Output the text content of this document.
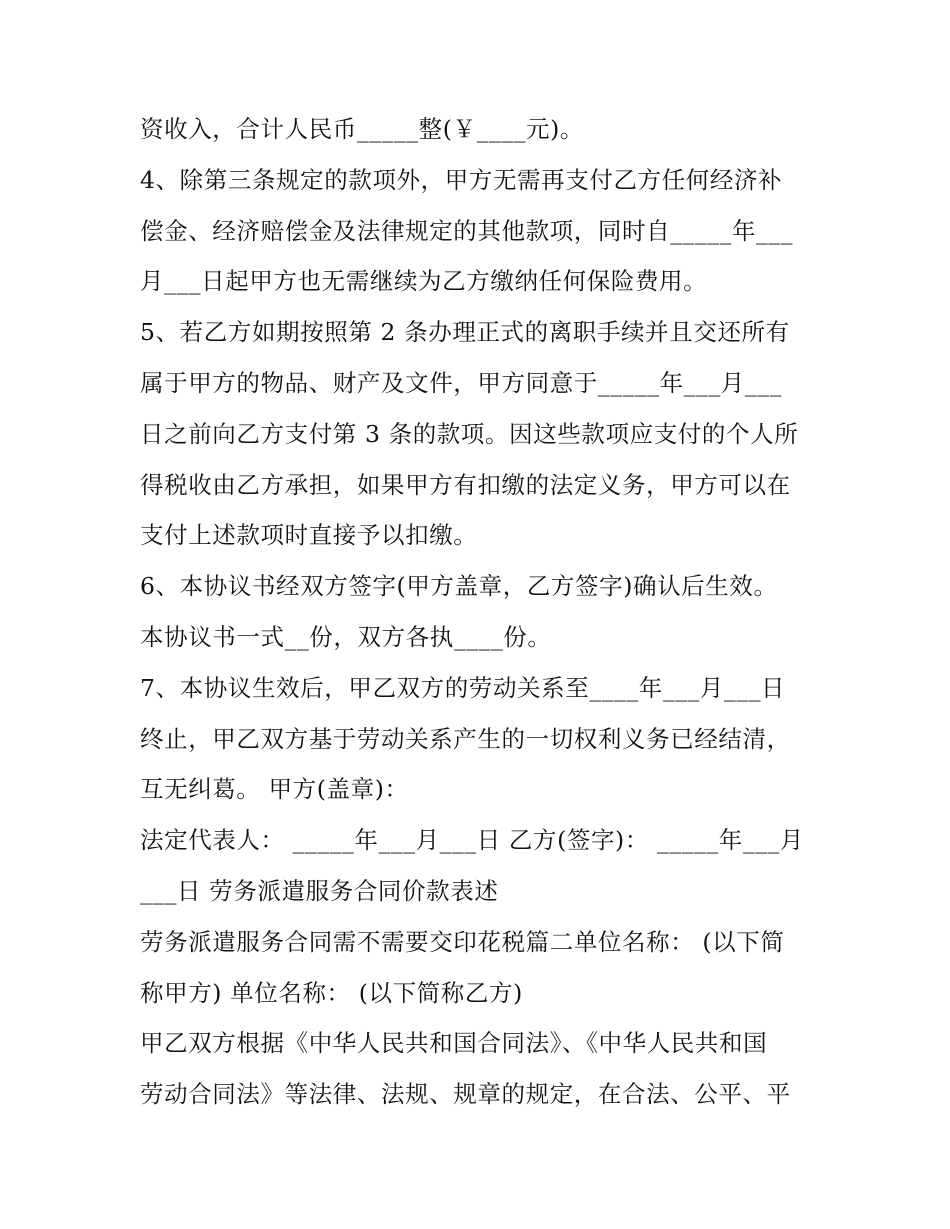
资收入，合计人民币_____整(￥____元)。

4、除第三条规定的款项外，甲方无需再支付乙方任何经济补

偿金、经济赔偿金及法律规定的其他款项，同时自_____年___

月___日起甲方也无需继续为乙方缴纳任何保险费用。

5、若乙方如期按照第 2 条办理正式的离职手续并且交还所有

属于甲方的物品、财产及文件，甲方同意于_____年___月___

日之前向乙方支付第 3 条的款项。因这些款项应支付的个人所

得税收由乙方承担，如果甲方有扣缴的法定义务，甲方可以在

支付上述款项时直接予以扣缴。

6、本协议书经双方签字(甲方盖章，乙方签字)确认后生效。

本协议书一式__份，双方各执____份。

7、本协议生效后，甲乙双方的劳动关系至____年___月___日

终止，甲乙双方基于劳动关系产生的一切权利义务已经结清，

互无纠葛。 甲方(盖章)：

法定代表人： _____年___月___日 乙方(签字)： _____年___月

___日 劳务派遣服务合同价款表述

劳务派遣服务合同需不需要交印花税篇二单位名称： (以下简

称甲方) 单位名称： (以下简称乙方)

甲乙双方根据《中华人民共和国合同法》、《中华人民共和国

劳动合同法》等法律、法规、规章的规定，在合法、公平、平
